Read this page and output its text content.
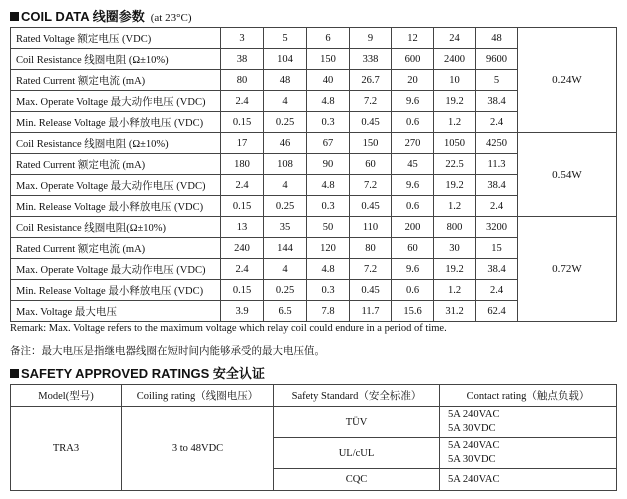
COIL DATA 线圈参数 (at 23°C)
Rated Voltage 额定电压 (VDC)	3	5	6	9	12	24	48	0.24W
Coil Resistance 线圈电阻 (Ω±10%)	38	104	150	338	600	2400	9600	
Rated Current 额定电流 (mA)	80	48	40	26.7	20	10	5	
Max. Operate Voltage 最大动作电压 (VDC)	2.4	4	4.8	7.2	9.6	19.2	38.4	
Min. Release Voltage 最小释放电压 (VDC)	0.15	0.25	0.3	0.45	0.6	1.2	2.4	
Coil Resistance 线圈电阻 (Ω±10%)	17	46	67	150	270	1050	4250	0.54W
Rated Current 额定电流 (mA)	180	108	90	60	45	22.5	11.3	
Max. Operate Voltage 最大动作电压 (VDC)	2.4	4	4.8	7.2	9.6	19.2	38.4	
Min. Release Voltage 最小释放电压 (VDC)	0.15	0.25	0.3	0.45	0.6	1.2	2.4	
Coil Resistance 线圈电阻(Ω±10%)	13	35	50	110	200	800	3200	0.72W
Rated Current 额定电流 (mA)	240	144	120	80	60	30	15	
Max. Operate Voltage 最大动作电压 (VDC)	2.4	4	4.8	7.2	9.6	19.2	38.4	
Min. Release Voltage 最小释放电压 (VDC)	0.15	0.25	0.3	0.45	0.6	1.2	2.4	
Max. Voltage 最大电压	3.9	6.5	7.8	11.7	15.6	31.2	62.4	
Remark: Max. Voltage refers to the maximum voltage which relay coil could endure in a period of time.
备注：最大电压是指继电器线圈在短时间内能够承受的最大电压值。
SAFETY APPROVED RATINGS 安全认证
Model(型号)	Coiling rating（线圈电压）	Safety Standard（安全标准）	Contact rating（触点负载）
TRA3	3 to 48VDC	TÜV	5A 240VAC
5A 30VDC

		UL/cUL	5A 240VAC
5A 30VDC

		CQC	5A 240VAC
